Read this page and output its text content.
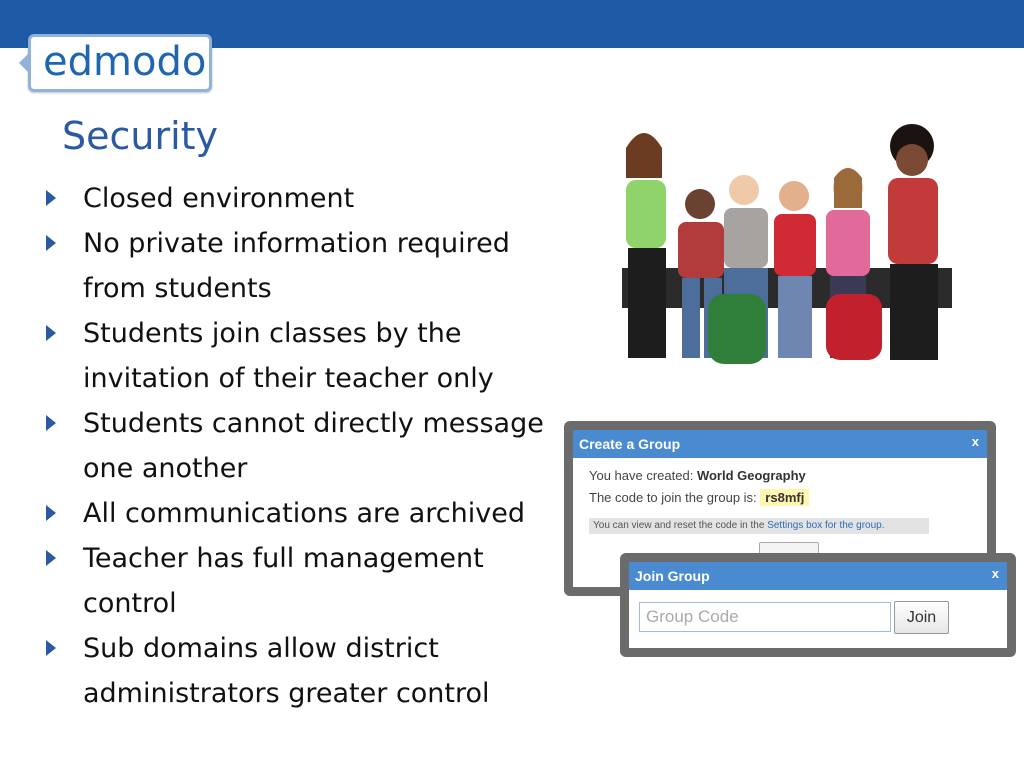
edmodo
Security
Closed environment
No private information required from students
Students join classes by the invitation of their teacher only
Students cannot directly message one another
All communications are archived
Teacher has full management control
Sub domains allow district administrators greater control
Create a Group	x
You have created: World Geography
The code to join the group is: rs8mfj
You can view and reset the code in the Settings box for the group.
Join Group	x
Group Code
Join
